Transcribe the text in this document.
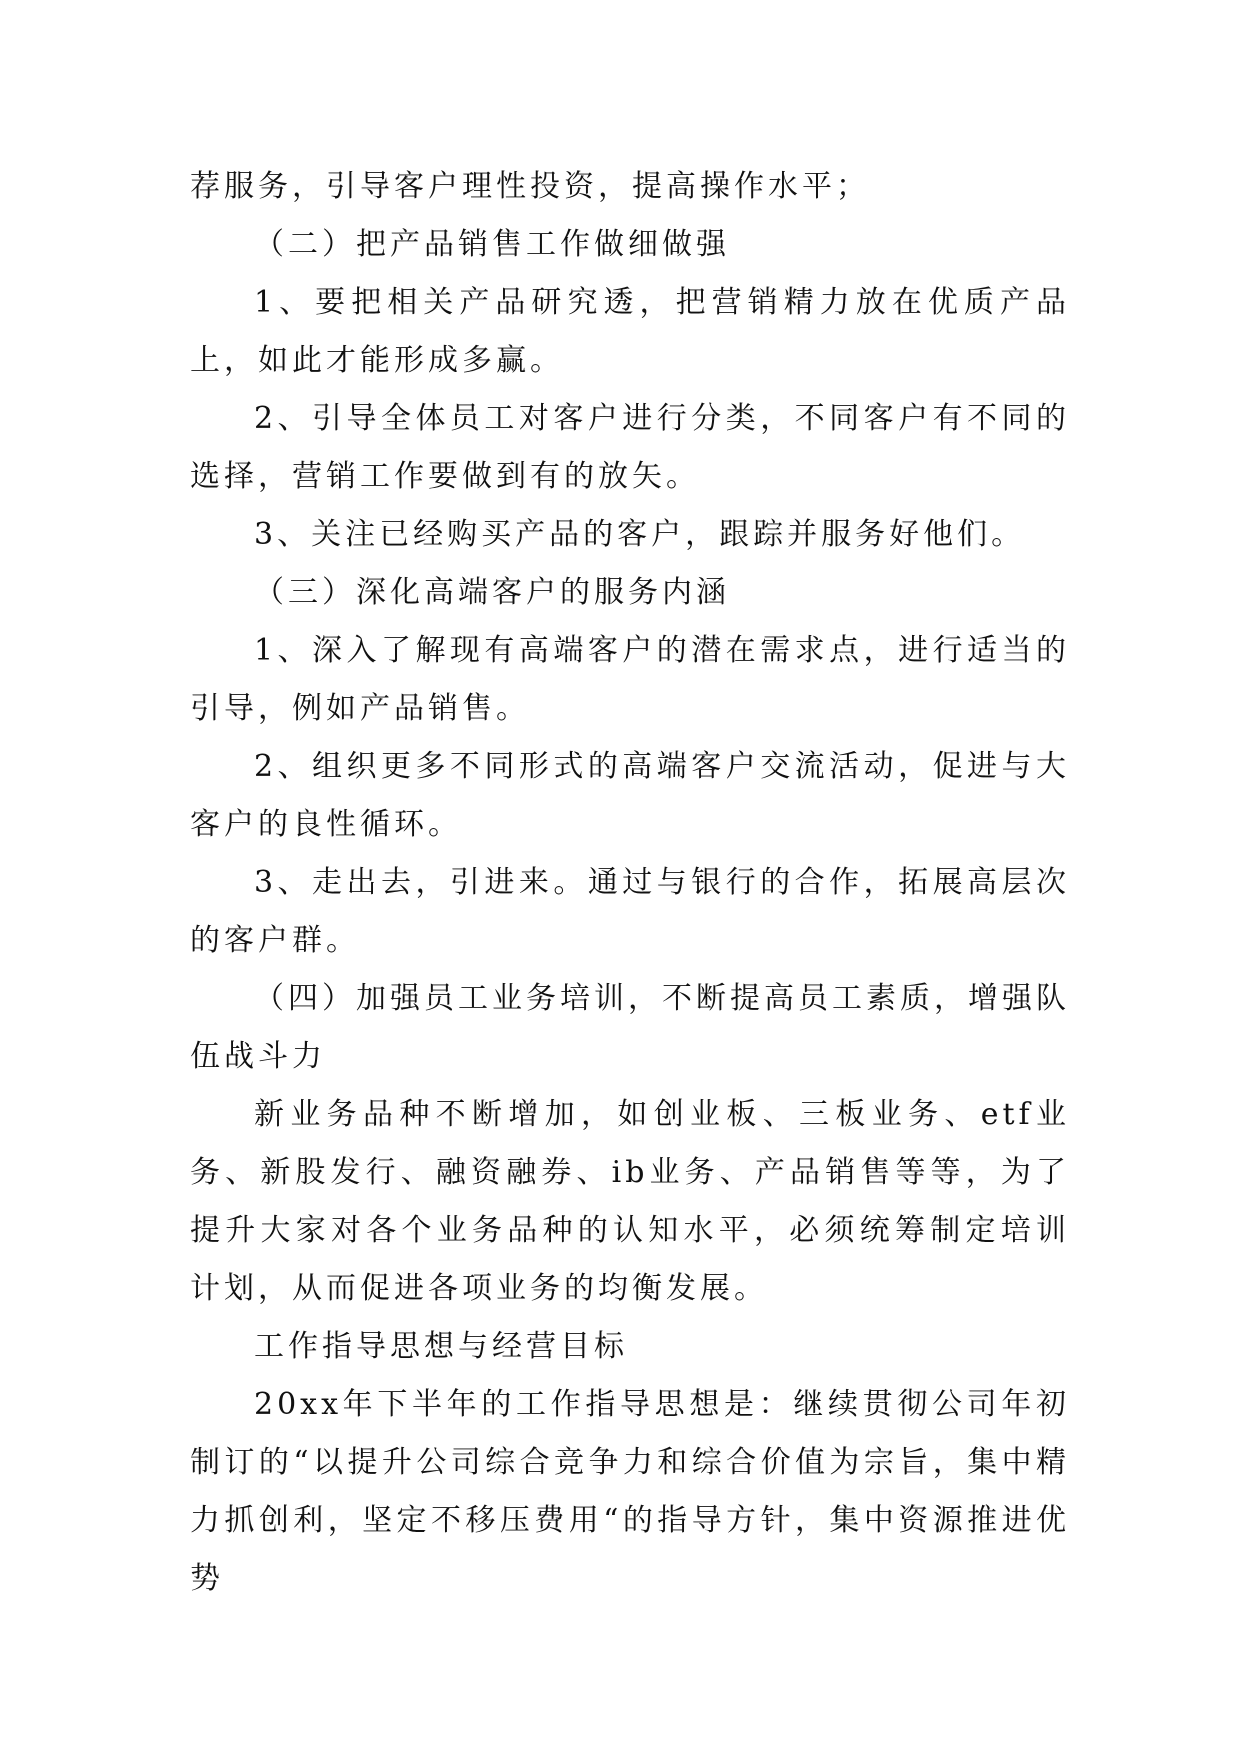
荐服务，引导客户理性投资，提高操作水平；

（二）把产品销售工作做细做强

1、要把相关产品研究透，把营销精力放在优质产品上，如此才能形成多赢。

2、引导全体员工对客户进行分类，不同客户有不同的选择，营销工作要做到有的放矢。

3、关注已经购买产品的客户，跟踪并服务好他们。

（三）深化高端客户的服务内涵

1、深入了解现有高端客户的潜在需求点，进行适当的引导，例如产品销售。

2、组织更多不同形式的高端客户交流活动，促进与大客户的良性循环。

3、走出去，引进来。通过与银行的合作，拓展高层次的客户群。

（四）加强员工业务培训，不断提高员工素质，增强队伍战斗力

新业务品种不断增加，如创业板、三板业务、etf业务、新股发行、融资融券、ib业务、产品销售等等，为了提升大家对各个业务品种的认知水平，必须统筹制定培训计划，从而促进各项业务的均衡发展。

工作指导思想与经营目标

20xx年下半年的工作指导思想是：继续贯彻公司年初制订的“以提升公司综合竞争力和综合价值为宗旨，集中精力抓创利，坚定不移压费用“的指导方针，集中资源推进优势
